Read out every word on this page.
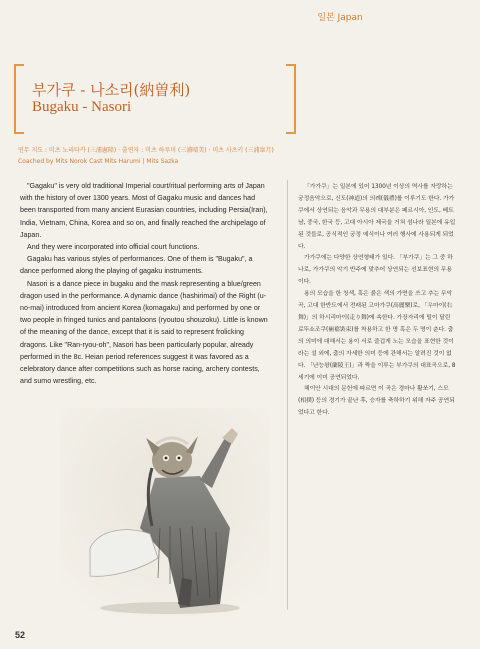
일본 Japan
부가쿠 - 나소리(納曽利)
Bugaku - Nasori
연무 지도 : 미츠 노리타카 (三浦憲隆) · 출연자 : 미츠 하루미 (三浦晴美) · 미츠 사츠키 (三浦皐月)
Coached by Mits Norok Cast Mits Harumi | Mits Sazka

"Gagaku" is very old traditional Imperial court/ritual performing arts of Japan with the history of over 1300 years. Most of Gagaku music and dances had been transported from many ancient Eurasian countries, including Persia(Iran), India, Vietnam, China, Korea and so on, and finally reached the archipelago of Japan.

And they were incorporated into official court functions.

Gagaku has various styles of performances. One of them is "Bugaku", a dance performed along the playing of gagaku instruments.

Nasori is a dance piece in bugaku and the mask representing a blue/green dragon used in the performance. A dynamic dance (hashirimai) of the Right (u-no-mai) introduced from ancient Korea (komagaku) and performed by one or two people in fringed tunics and pantaloons (ryoutou shouzoku). Little is known of the meaning of the dance, except that it is said to represent frolicking dragons. Like "Ran-ryou-oh", Nasori has been particularly popular, already performed in the 8c. Heian period references suggest it was favored as a celebratory dance after competitions such as horse racing, archery contests, and sumo wrestling, etc.

「가가쿠」는 일본에 있어 1300년 이상의 역사를 자랑하는 궁정음악으로, 신도(神道)의 의례(儀禮)를 이루기도 한다. 가가쿠에서 상연되는 음악과 무용의 대부분은 페르시아, 인도, 베트남, 중국, 한국 등, 고대 아시아 제국을 거쳐 섬나라 일본에 유입된 것들로, 공식적인 궁정 예식이나 여러 행사에 사용되게 되었다.

가가쿠에는 다양한 상연형태가 있다. 「부가쿠」는 그 중 하나로, 가가쿠의 악기 반주에 맞추어 상연되는 선보표현의 무용이다.

용의 모습을 한 청색, 혹은 붉은 색의 가면을 쓰고 추는 무악곡, 고대 한반도에서 전래된 고마가쿠(高麗樂)로, 「우마이(右舞)」의 하시리마이(走り舞)에 속한다. 가장자리에 털이 달린 료뚜쇼조쿠(裲襠裝束)를 착용하고 한 명 혹은 두 명이 춘다. 춤의 의미에 대해서는 용이 서로 즐겁게 노는 모습을 표현한 것이라는 설 외에, 춤의 자세한 의미 등에 관해서는 알려진 것이 없다. 「난능왕(蘭陵王)」과 짝을 이루는 부가쿠의 대표곡으로, 8세기에 이미 공연되었다.

헤이안 시대의 문헌에 따르면 이 곡은 경마나 활쏘기, 스모(相撲) 등의 경기가 끝난 후, 승자를 축하하기 위해 자주 공연되었다고 한다.

52
